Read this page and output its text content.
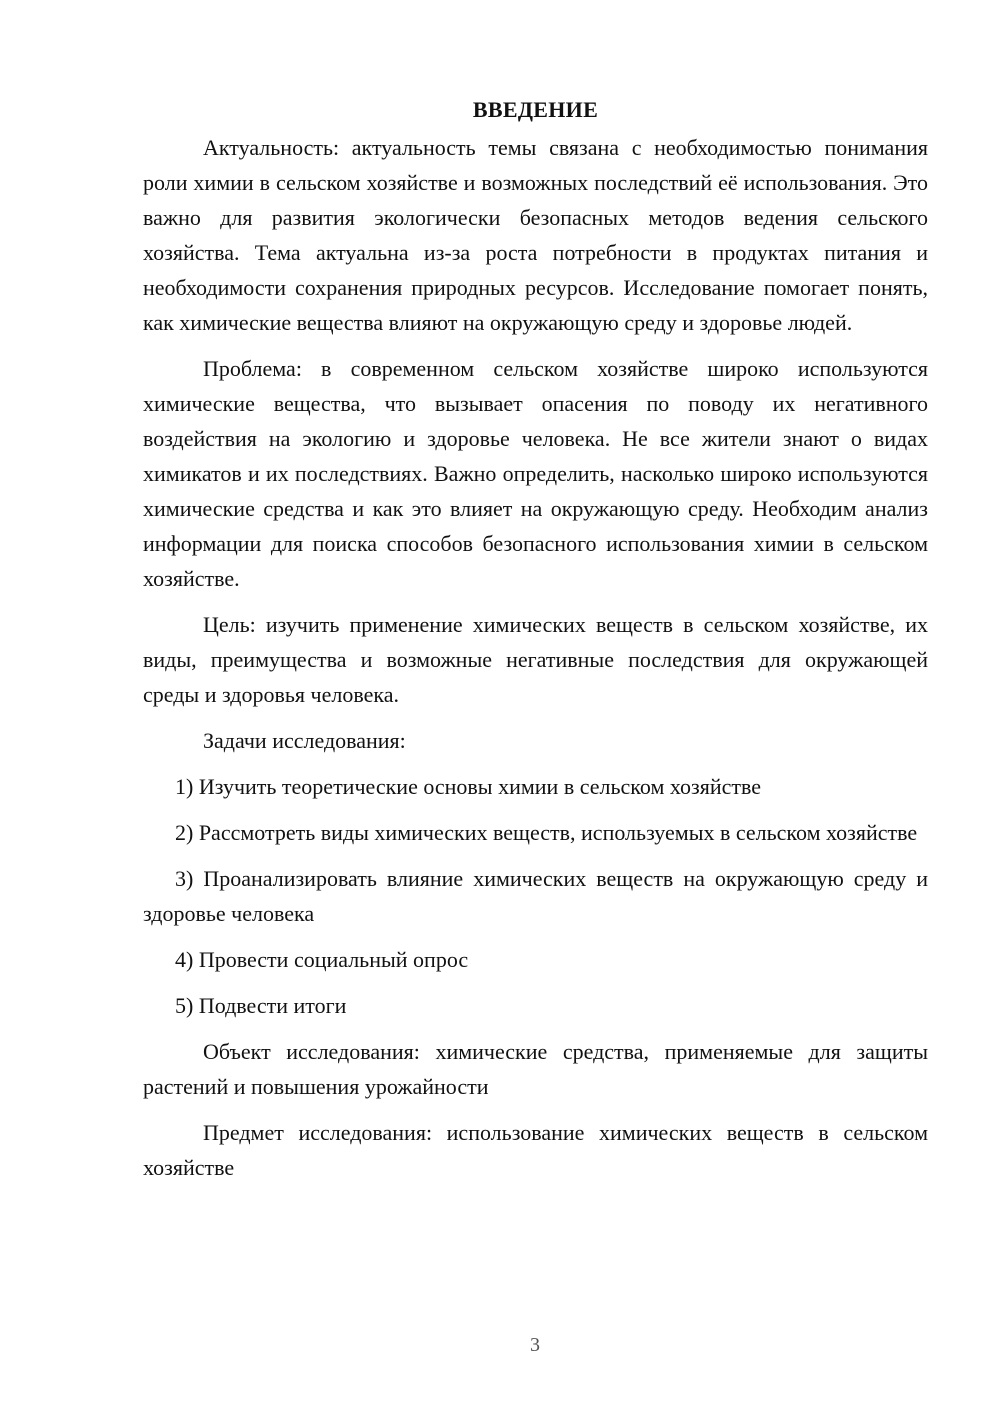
ВВЕДЕНИЕ

Актуальность: актуальность темы связана с необходимостью понимания роли химии в сельском хозяйстве и возможных последствий её использования. Это важно для развития экологически безопасных методов ведения сельского хозяйства. Тема актуальна из-за роста потребности в продуктах питания и необходимости сохранения природных ресурсов. Исследование помогает понять, как химические вещества влияют на окружающую среду и здоровье людей.

Проблема: в современном сельском хозяйстве широко используются химические вещества, что вызывает опасения по поводу их негативного воздействия на экологию и здоровье человека. Не все жители знают о видах химикатов и их последствиях. Важно определить, насколько широко используются химические средства и как это влияет на окружающую среду. Необходим анализ информации для поиска способов безопасного использования химии в сельском хозяйстве.

Цель: изучить применение химических веществ в сельском хозяйстве, их виды, преимущества и возможные негативные последствия для окружающей среды и здоровья человека.

Задачи исследования:

1) Изучить теоретические основы химии в сельском хозяйстве

2) Рассмотреть виды химических веществ, используемых в сельском хозяйстве

3) Проанализировать влияние химических веществ на окружающую среду и здоровье человека

4) Провести социальный опрос

5) Подвести итоги

Объект исследования: химические средства, применяемые для защиты растений и повышения урожайности

Предмет исследования: использование химических веществ в сельском хозяйстве

3
